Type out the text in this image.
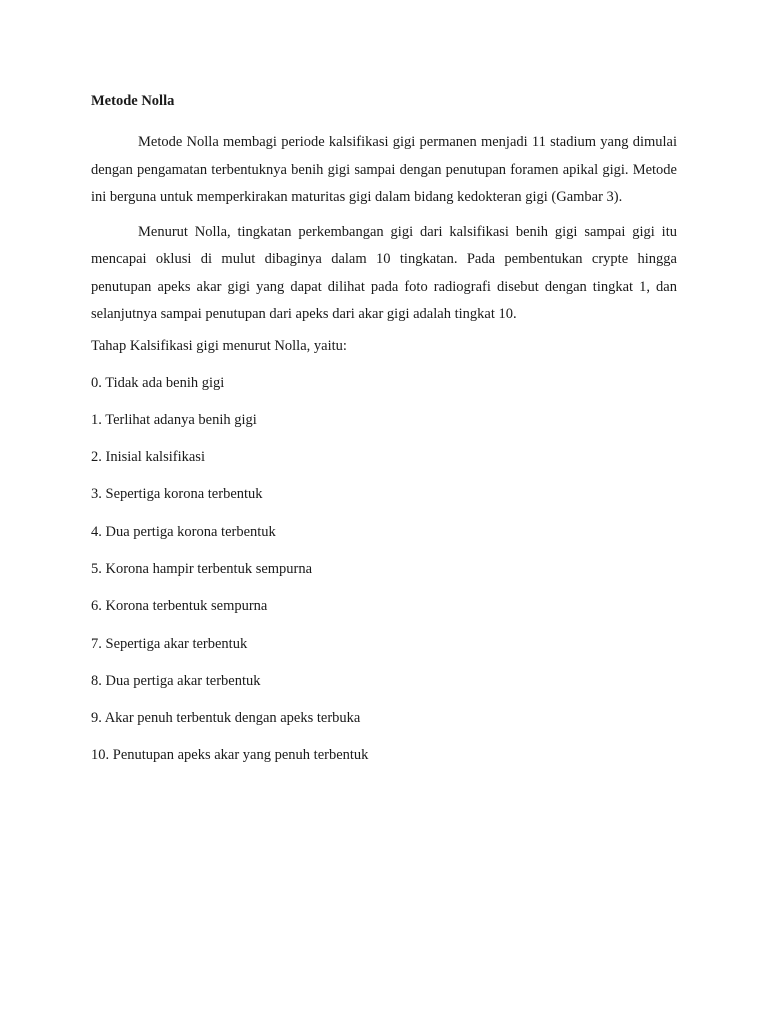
Metode Nolla

Metode Nolla membagi periode kalsifikasi gigi permanen menjadi 11 stadium yang dimulai dengan pengamatan terbentuknya benih gigi sampai dengan penutupan foramen apikal gigi. Metode ini berguna untuk memperkirakan maturitas gigi dalam bidang kedokteran gigi (Gambar 3).

Menurut Nolla, tingkatan perkembangan gigi dari kalsifikasi benih gigi sampai gigi itu mencapai oklusi di mulut dibaginya dalam 10 tingkatan. Pada pembentukan crypte hingga penutupan apeks akar gigi yang dapat dilihat pada foto radiografi disebut dengan tingkat 1, dan selanjutnya sampai penutupan dari apeks dari akar gigi adalah tingkat 10.

Tahap Kalsifikasi gigi menurut Nolla, yaitu:
0. Tidak ada benih gigi
1. Terlihat adanya benih gigi
2. Inisial kalsifikasi
3. Sepertiga korona terbentuk
4. Dua pertiga korona terbentuk
5. Korona hampir terbentuk sempurna
6. Korona terbentuk sempurna
7. Sepertiga akar terbentuk
8. Dua pertiga akar terbentuk
9. Akar penuh terbentuk dengan apeks terbuka
10. Penutupan apeks akar yang penuh terbentuk
